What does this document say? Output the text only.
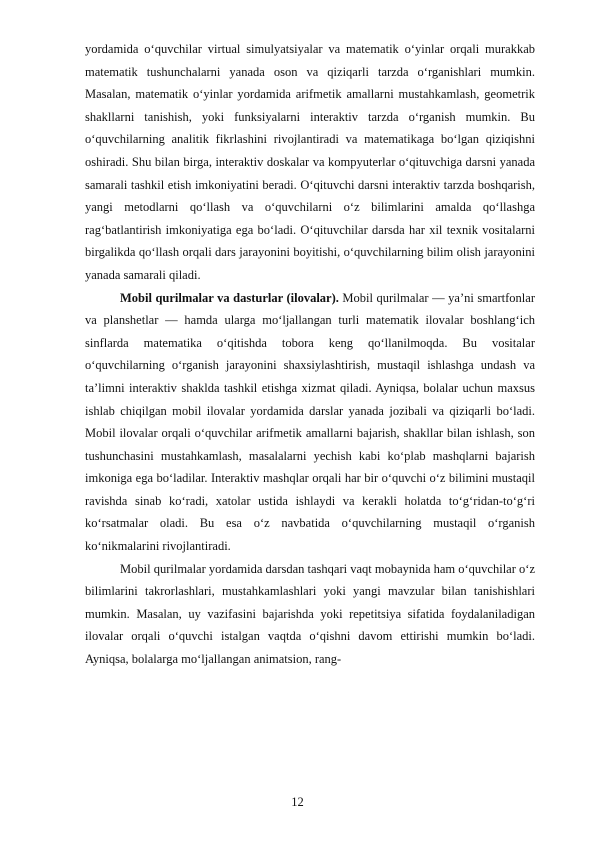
yordamida o‘quvchilar virtual simulyatsiyalar va matematik o‘yinlar orqali murakkab matematik tushunchalarni yanada oson va qiziqarli tarzda o‘rganishlari mumkin. Masalan, matematik o‘yinlar yordamida arifmetik amallarni mustahkamlash, geometrik shakllarni tanishish, yoki funksiyalarni interaktiv tarzda o‘rganish mumkin. Bu o‘quvchilarning analitik fikrlashini rivojlantiradi va matematikaga bo‘lgan qiziqishni oshiradi. Shu bilan birga, interaktiv doskalar va kompyuterlar o‘qituvchiga darsni yanada samarali tashkil etish imkoniyatini beradi. O‘qituvchi darsni interaktiv tarzda boshqarish, yangi metodlarni qo‘llash va o‘quvchilarni o‘z bilimlarini amalda qo‘llashga rag‘batlantirish imkoniyatiga ega bo‘ladi. O‘qituvchilar darsda har xil texnik vositalarni birgalikda qo‘llash orqali dars jarayonini boyitishi, o‘quvchilarning bilim olish jarayonini yanada samarali qiladi.

Mobil qurilmalar va dasturlar (ilovalar). Mobil qurilmalar — ya’ni smartfonlar va planshetlar — hamda ularga mo‘ljallangan turli matematik ilovalar boshlang‘ich sinflarda matematika o‘qitishda tobora keng qo‘llanilmoqda. Bu vositalar o‘quvchilarning o‘rganish jarayonini shaxsiylashtirish, mustaqil ishlashga undash va ta’limni interaktiv shaklda tashkil etishga xizmat qiladi. Ayniqsa, bolalar uchun maxsus ishlab chiqilgan mobil ilovalar yordamida darslar yanada jozibali va qiziqarli bo‘ladi. Mobil ilovalar orqali o‘quvchilar arifmetik amallarni bajarish, shakllar bilan ishlash, son tushunchasini mustahkamlash, masalalarni yechish kabi ko‘plab mashqlarni bajarish imkoniga ega bo‘ladilar. Interaktiv mashqlar orqali har bir o‘quvchi o‘z bilimini mustaqil ravishda sinab ko‘radi, xatolar ustida ishlaydi va kerakli holatda to‘g‘ridan-to‘g‘ri ko‘rsatmalar oladi. Bu esa o‘z navbatida o‘quvchilarning mustaqil o‘rganish ko‘nikmalarini rivojlantiradi.

Mobil qurilmalar yordamida darsdan tashqari vaqt mobaynida ham o‘quvchilar o‘z bilimlarini takrorlashlari, mustahkamlashlari yoki yangi mavzular bilan tanishishlari mumkin. Masalan, uy vazifasini bajarishda yoki repetitsiya sifatida foydalaniladigan ilovalar orqali o‘quvchi istalgan vaqtda o‘qishni davom ettirishi mumkin bo‘ladi. Ayniqsa, bolalarga mo‘ljallangan animatsion, rang-

12
